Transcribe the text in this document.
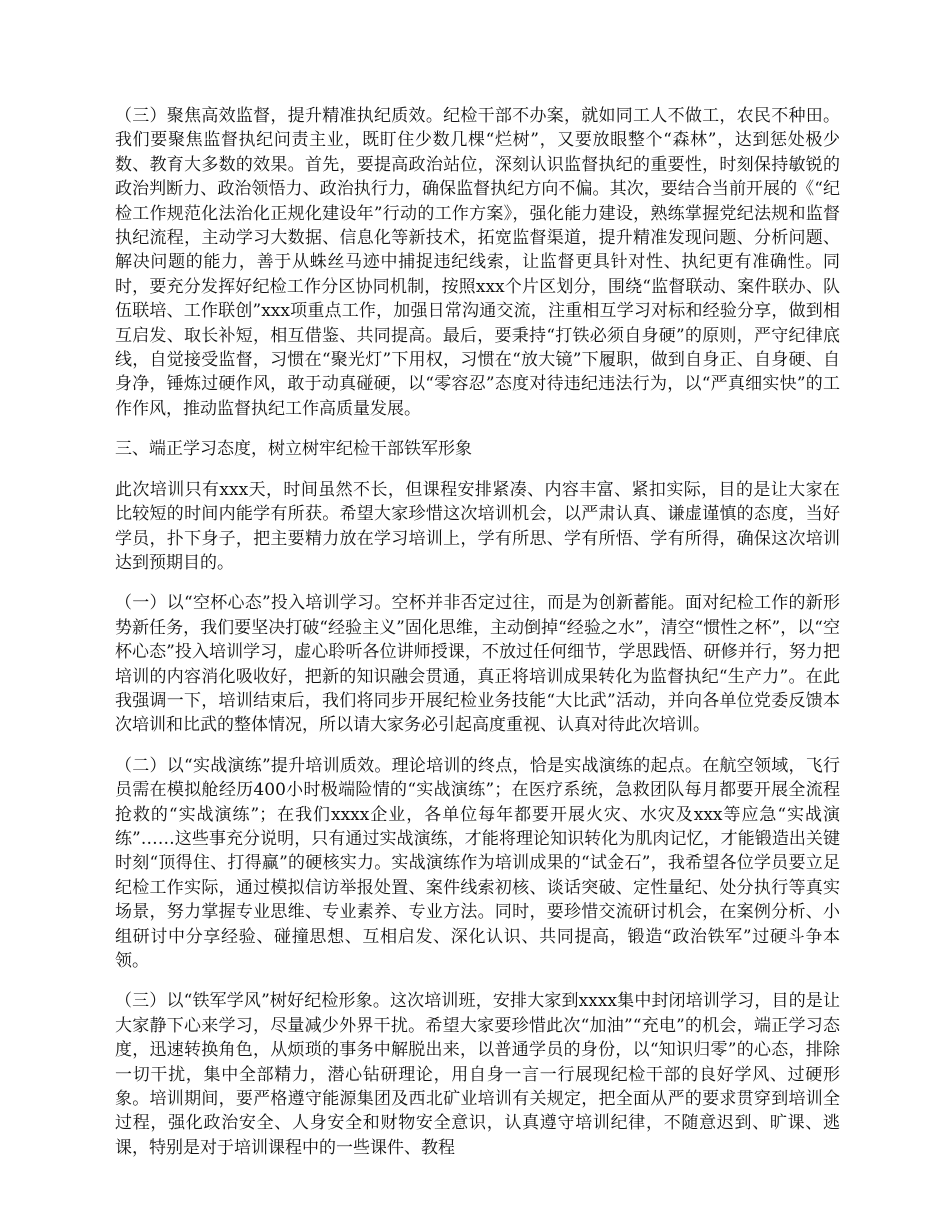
（三）聚焦高效监督，提升精准执纪质效。纪检干部不办案，就如同工人不做工，农民不种田。我们要聚焦监督执纪问责主业，既盯住少数几棵“烂树”，又要放眼整个“森林”，达到惩处极少数、教育大多数的效果。首先，要提高政治站位，深刻认识监督执纪的重要性，时刻保持敏锐的政治判断力、政治领悟力、政治执行力，确保监督执纪方向不偏。其次，要结合当前开展的《“纪检工作规范化法治化正规化建设年”行动的工作方案》，强化能力建设，熟练掌握党纪法规和监督执纪流程，主动学习大数据、信息化等新技术，拓宽监督渠道，提升精准发现问题、分析问题、解决问题的能力，善于从蛛丝马迹中捕捉违纪线索，让监督更具针对性、执纪更有准确性。同时，要充分发挥好纪检工作分区协同机制，按照xxx个片区划分，围绕“监督联动、案件联办、队伍联培、工作联创”xxx项重点工作，加强日常沟通交流，注重相互学习对标和经验分享，做到相互启发、取长补短，相互借鉴、共同提高。最后，要秉持“打铁必须自身硬”的原则，严守纪律底线，自觉接受监督，习惯在“聚光灯”下用权，习惯在“放大镜”下履职，做到自身正、自身硬、自身净，锤炼过硬作风，敢于动真碰硬，以“零容忍”态度对待违纪违法行为，以“严真细实快”的工作作风，推动监督执纪工作高质量发展。

三、端正学习态度，树立树牢纪检干部铁军形象

此次培训只有xxx天，时间虽然不长，但课程安排紧凑、内容丰富、紧扣实际，目的是让大家在比较短的时间内能学有所获。希望大家珍惜这次培训机会，以严肃认真、谦虚谨慎的态度，当好学员，扑下身子，把主要精力放在学习培训上，学有所思、学有所悟、学有所得，确保这次培训达到预期目的。

（一）以“空杯心态”投入培训学习。空杯并非否定过往，而是为创新蓄能。面对纪检工作的新形势新任务，我们要坚决打破“经验主义”固化思维，主动倒掉“经验之水”，清空“惯性之杯”，以“空杯心态”投入培训学习，虚心聆听各位讲师授课，不放过任何细节，学思践悟、研修并行，努力把培训的内容消化吸收好，把新的知识融会贯通，真正将培训成果转化为监督执纪“生产力”。在此我强调一下，培训结束后，我们将同步开展纪检业务技能“大比武”活动，并向各单位党委反馈本次培训和比武的整体情况，所以请大家务必引起高度重视、认真对待此次培训。

（二）以“实战演练”提升培训质效。理论培训的终点，恰是实战演练的起点。在航空领域，飞行员需在模拟舱经历400小时极端险情的“实战演练”；在医疗系统，急救团队每月都要开展全流程抢救的“实战演练”；在我们xxxx企业，各单位每年都要开展火灾、水灾及xxx等应急“实战演练”……这些事充分说明，只有通过实战演练，才能将理论知识转化为肌肉记忆，才能锻造出关键时刻“顶得住、打得赢”的硬核实力。实战演练作为培训成果的“试金石”，我希望各位学员要立足纪检工作实际，通过模拟信访举报处置、案件线索初核、谈话突破、定性量纪、处分执行等真实场景，努力掌握专业思维、专业素养、专业方法。同时，要珍惜交流研讨机会，在案例分析、小组研讨中分享经验、碰撞思想、互相启发、深化认识、共同提高，锻造“政治铁军”过硬斗争本领。

（三）以“铁军学风”树好纪检形象。这次培训班，安排大家到xxxx集中封闭培训学习，目的是让大家静下心来学习，尽量减少外界干扰。希望大家要珍惜此次“加油”“充电”的机会，端正学习态度，迅速转换角色，从烦琐的事务中解脱出来，以普通学员的身份，以“知识归零”的心态，排除一切干扰，集中全部精力，潜心钻研理论，用自身一言一行展现纪检干部的良好学风、过硬形象。培训期间，要严格遵守能源集团及西北矿业培训有关规定，把全面从严的要求贯穿到培训全过程，强化政治安全、人身安全和财物安全意识，认真遵守培训纪律，不随意迟到、旷课、逃课，特别是对于培训课程中的一些课件、教程
